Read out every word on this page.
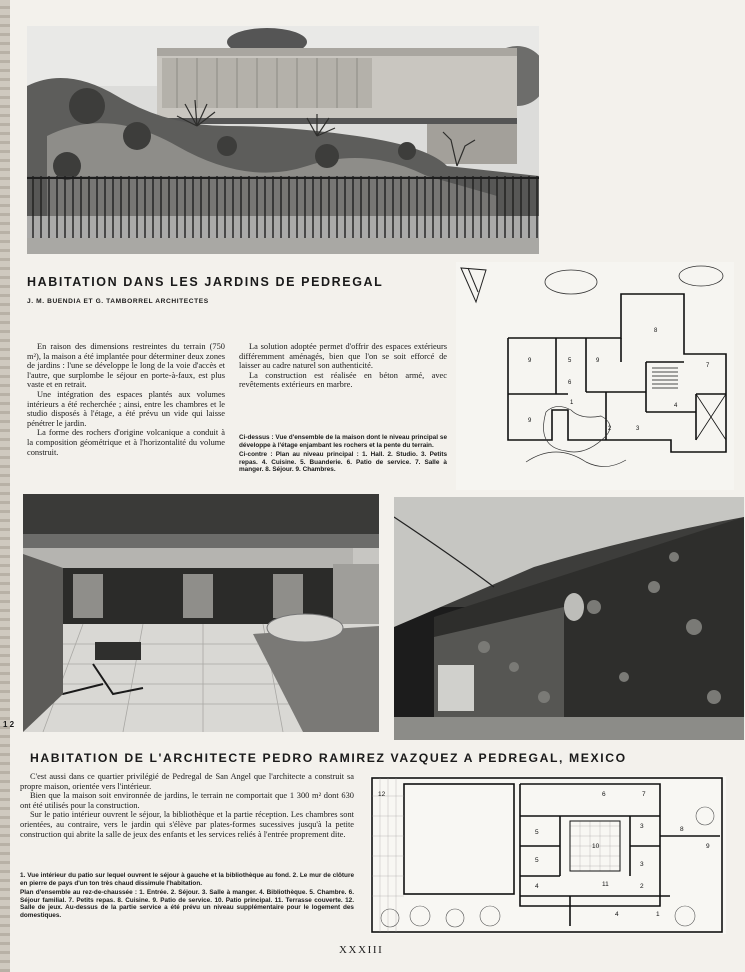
HABITATION DANS LES JARDINS DE PEDREGAL
J. M. BUENDIA ET G. TAMBORREL ARCHITECTES

En raison des dimensions restreintes du terrain (750 m²), la maison a été implantée pour déterminer deux zones de jardins : l'une se développe le long de la voie d'accès et l'autre, que surplombe le séjour en porte-à-faux, est plus vaste et en retrait.

Une intégration des espaces plantés aux volumes intérieurs a été recherchée ; ainsi, entre les chambres et le studio disposés à l'étage, a été prévu un vide qui laisse pénétrer le jardin.

La forme des rochers d'origine volcanique a conduit à la composition géométrique et à l'horizontalité du volume construit.

La solution adoptée permet d'offrir des espaces extérieurs différemment aménagés, bien que l'on se soit efforcé de laisser au cadre naturel son authenticité.

La construction est réalisée en béton armé, avec revêtements extérieurs en marbre.

Ci-dessus : Vue d'ensemble de la maison dont le niveau principal se développe à l'étage enjambant les rochers et la pente du terrain.

Ci-contre : Plan au niveau principal : 1. Hall. 2. Studio. 3. Petits repas. 4. Cuisine. 5. Buanderie. 6. Patio de service. 7. Salle à manger. 8. Séjour. 9. Chambres.

1
2	3
4
5
6
7
8
9
9
9
1 2
HABITATION DE L'ARCHITECTE PEDRO RAMIREZ VAZQUEZ A PEDREGAL, MEXICO

C'est aussi dans ce quartier privilégié de Pedregal de San Angel que l'architecte a construit sa propre maison, orientée vers l'intérieur.

Bien que la maison soit environnée de jardins, le terrain ne comportait que 1 300 m² dont 630 ont été utilisés pour la construction.

Sur le patio intérieur ouvrent le séjour, la bibliothèque et la partie réception. Les chambres sont orientées, au contraire, vers le jardin qui s'élève par plates-formes sucessives jusqu'à la petite construction qui abrite la salle de jeux des enfants et les services reliés à l'entrée proprement dite.

1. Vue intérieur du patio sur lequel ouvrent le séjour à gauche et la bibliothèque au fond. 2. Le mur de clôture en pierre de pays d'un ton très chaud dissimule l'habitation.

Plan d'ensemble au rez-de-chaussée : 1. Entrée. 2. Séjour. 3. Salle à manger. 4. Bibliothèque. 5. Chambre. 6. Séjour familial. 7. Petits repas. 8. Cuisine. 9. Patio de service. 10. Patio principal. 11. Terrasse couverte. 12. Salle de jeux. Au-dessus de la partie service a été prévu un niveau supplémentaire pour le logement des domestiques.

12	6	7
3	8
9
10
5
5
4
4
3
2
1
11
XXXIII
